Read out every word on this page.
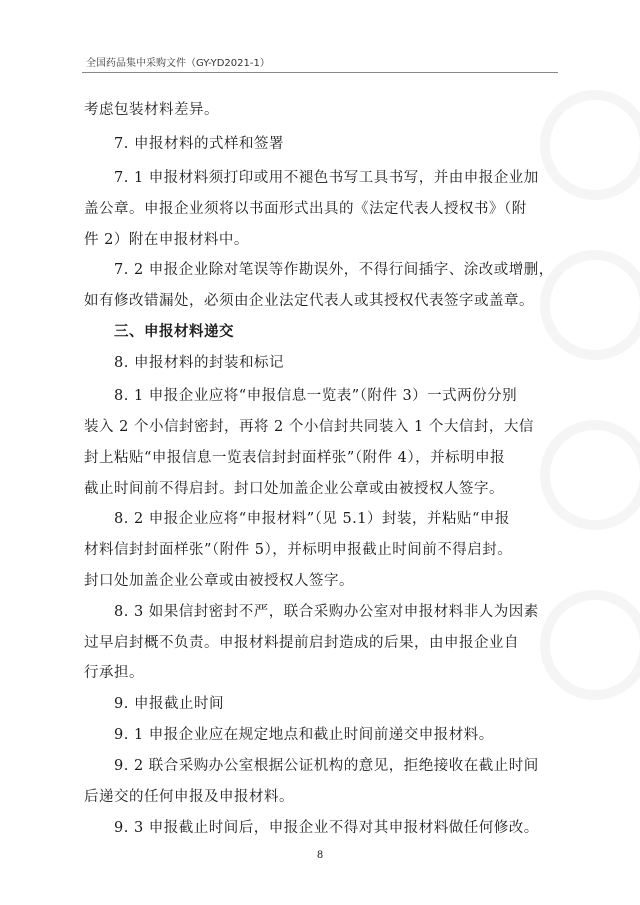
全国药品集中采购文件（GY-YD2021-1）
考虑包装材料差异。
7. 申报材料的式样和签署
7. 1 申报材料须打印或用不褪色书写工具书写，并由申报企业加
盖公章。申报企业须将以书面形式出具的《法定代表人授权书》（附
件 2）附在申报材料中。
7. 2 申报企业除对笔误等作勘误外，不得行间插字、涂改或增删，
如有修改错漏处，必须由企业法定代表人或其授权代表签字或盖章。
三、申报材料递交
8. 申报材料的封装和标记
8. 1 申报企业应将“申报信息一览表”（附件 3）一式两份分别
装入 2 个小信封密封，再将 2 个小信封共同装入 1 个大信封，大信
封上粘贴“申报信息一览表信封封面样张”（附件 4），并标明申报
截止时间前不得启封。封口处加盖企业公章或由被授权人签字。
8. 2 申报企业应将“申报材料”（见 5.1）封装，并粘贴“申报
材料信封封面样张”（附件 5），并标明申报截止时间前不得启封。
封口处加盖企业公章或由被授权人签字。
8. 3 如果信封密封不严，联合采购办公室对申报材料非人为因素
过早启封概不负责。申报材料提前启封造成的后果，由申报企业自
行承担。
9. 申报截止时间
9. 1 申报企业应在规定地点和截止时间前递交申报材料。
9. 2 联合采购办公室根据公证机构的意见，拒绝接收在截止时间
后递交的任何申报及申报材料。
9. 3 申报截止时间后，申报企业不得对其申报材料做任何修改。
8
